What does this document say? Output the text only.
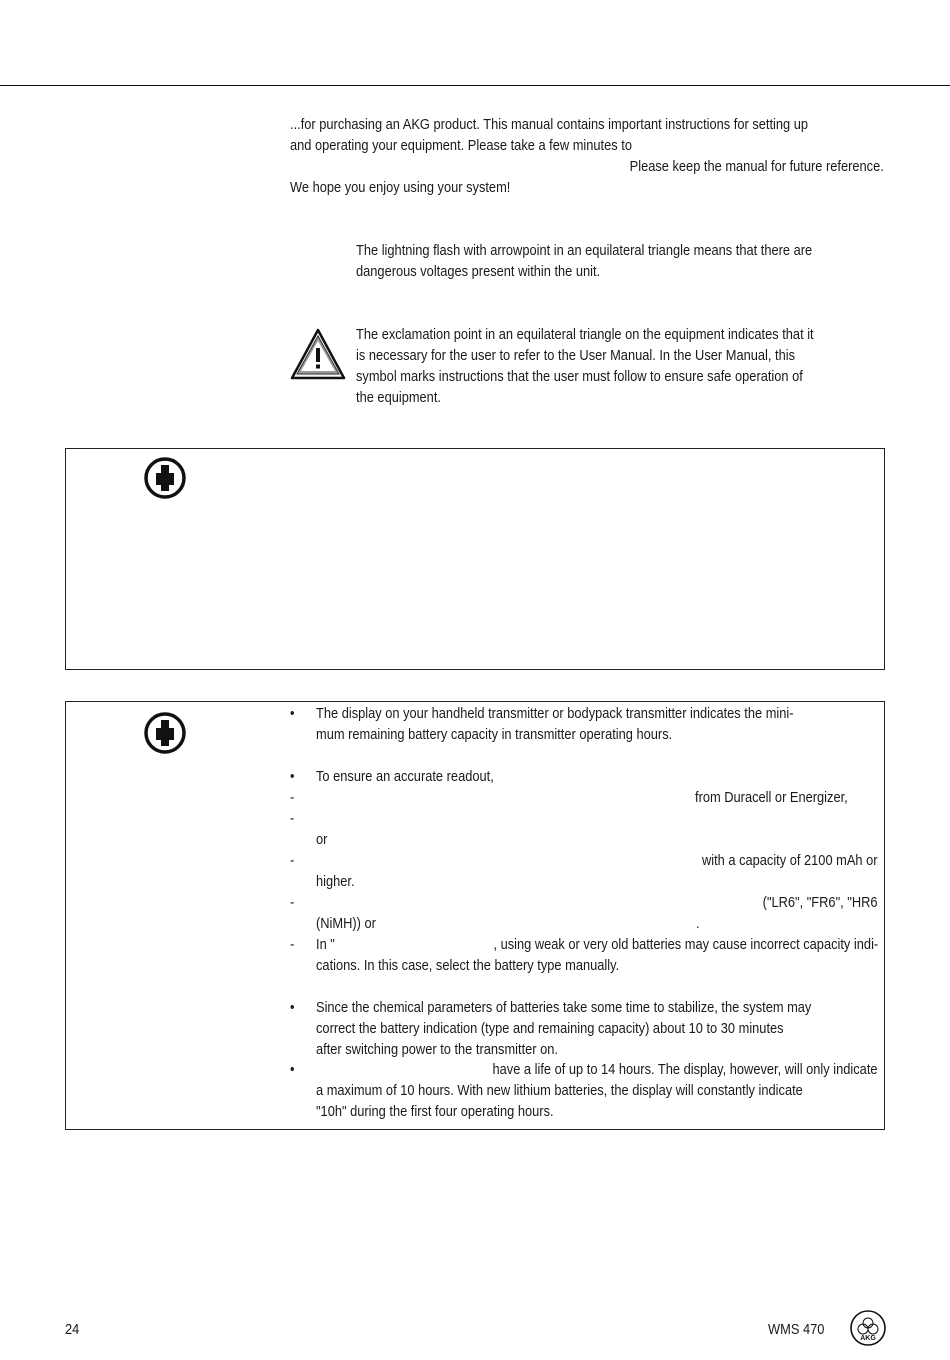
...for purchasing an AKG product. This manual contains important instructions for setting up
and operating your equipment. Please take a few minutes to
Please keep the manual for future reference.
We hope you enjoy using your system!
The lightning flash with arrowpoint in an equilateral triangle means that there are
dangerous voltages present within the unit.
The exclamation point in an equilateral triangle on the equipment indicates that it
is necessary for the user to refer to the User Manual. In the User Manual, this
symbol marks instructions that the user must follow to ensure safe operation of
the equipment.
• The display on your handheld transmitter or bodypack transmitter indicates the mini-
mum remaining battery capacity in transmitter operating hours.
• To ensure an accurate readout,
-	from Duracell or Energizer,
-
or
-	with a capacity of 2100 mAh or
higher.
-	("LR6", "FR6", "HR6
(NiMH)) or	.
- In "	, using weak or very old batteries may cause incorrect capacity indi-
cations. In this case, select the battery type manually.
• Since the chemical parameters of batteries take some time to stabilize, the system may
correct the battery indication (type and remaining capacity) about 10 to 30 minutes
after switching power to the transmitter on.
•	have a life of up to 14 hours. The display, however, will only indicate
a maximum of 10 hours. With new lithium batteries, the display will constantly indicate
"10h" during the first four operating hours.
24	WMS 470
AKG
